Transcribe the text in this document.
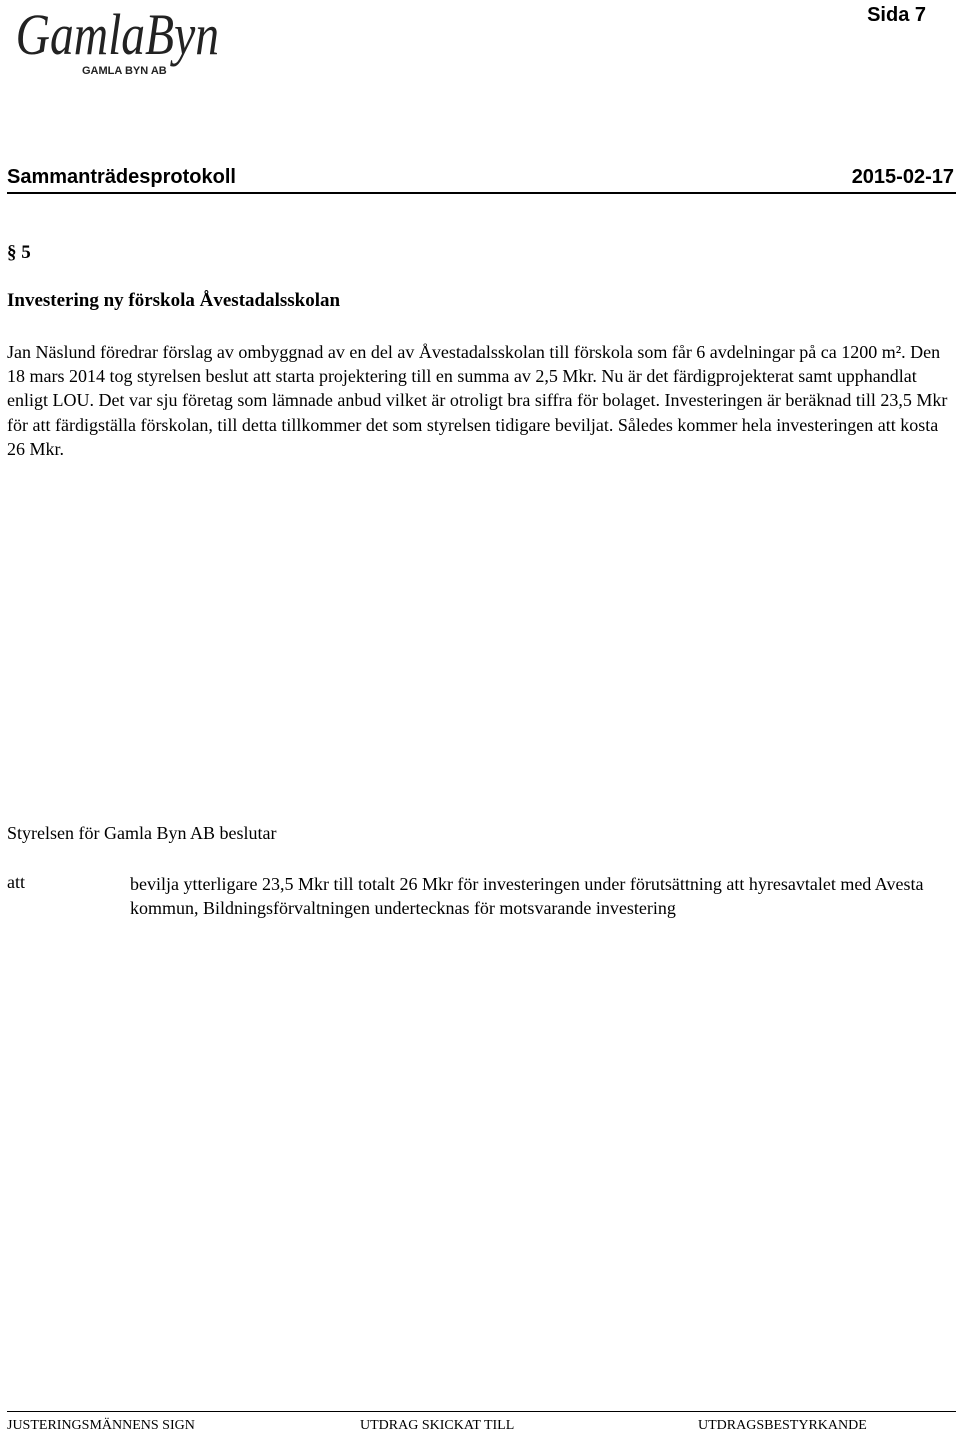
GamlaByn
GAMLA BYN AB
Sida 7
Sammanträdesprotokoll	2015-02-17
§ 5
Investering ny förskola Åvestadalsskolan
Jan Näslund föredrar förslag av ombyggnad av en del av Åvestadalsskolan till förskola som får 6 avdelningar på ca 1200 m². Den 18 mars 2014 tog styrelsen beslut att starta projektering till en summa av 2,5 Mkr. Nu är det färdigprojekterat samt upphandlat enligt LOU. Det var sju företag som lämnade anbud vilket är otroligt bra siffra för bolaget. Investeringen är beräknad till 23,5 Mkr för att färdigställa förskolan, till detta tillkommer det som styrelsen tidigare beviljat. Således kommer hela investeringen att kosta 26 Mkr.
Styrelsen för Gamla Byn AB beslutar
att	bevilja ytterligare 23,5 Mkr till totalt 26 Mkr för investeringen under förutsättning att hyresavtalet med Avesta kommun, Bildningsförvaltningen undertecknas för motsvarande investering
JUSTERINGSMÄNNENS SIGN	UTDRAG SKICKAT TILL	UTDRAGSBESTYRKANDE
